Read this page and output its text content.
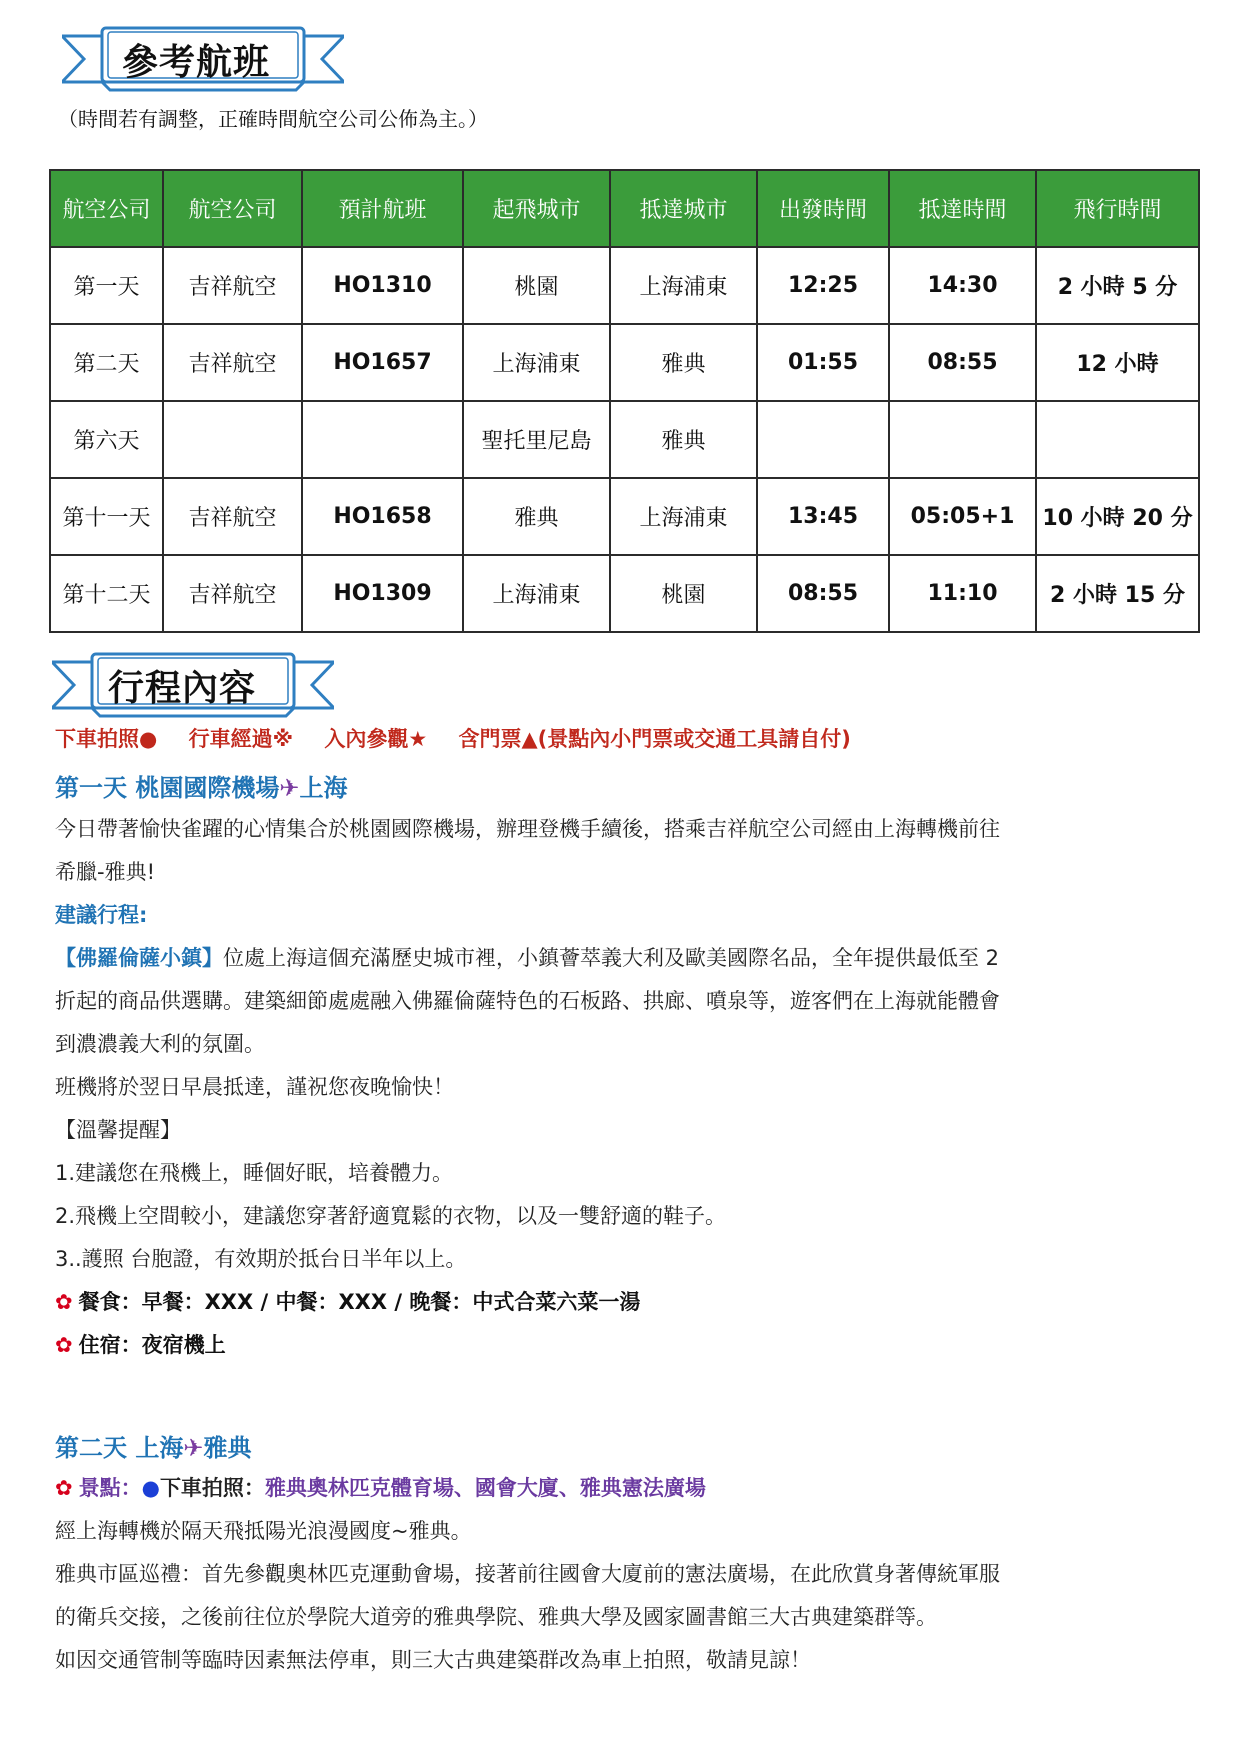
參考航班
（時間若有調整，正確時間航空公司公佈為主。）
航空公司	航空公司	預計航班	起飛城市	抵達城市	出發時間	抵達時間	飛行時間
第一天	吉祥航空	HO1310	桃園	上海浦東	12:25	14:30	2 小時 5 分
第二天	吉祥航空	HO1657	上海浦東	雅典	01:55	08:55	12 小時
第六天			聖托里尼島	雅典			
第十一天	吉祥航空	HO1658	雅典	上海浦東	13:45	05:05+1	10 小時 20 分
第十二天	吉祥航空	HO1309	上海浦東	桃園	08:55	11:10	2 小時 15 分
行程內容
下車拍照● 行車經過※ 入內參觀★ 含門票▲(景點內小門票或交通工具請自付)
第一天 桃園國際機場✈上海
今日帶著愉快雀躍的心情集合於桃園國際機場，辦理登機手續後，搭乘吉祥航空公司經由上海轉機前往
希臘-雅典!
建議行程:
【佛羅倫薩小鎮】位處上海這個充滿歷史城市裡，小鎮薈萃義大利及歐美國際名品，全年提供最低至 2
折起的商品供選購。建築細節處處融入佛羅倫薩特色的石板路、拱廊、噴泉等，遊客們在上海就能體會
到濃濃義大利的氛圍。
班機將於翌日早晨抵達，謹祝您夜晚愉快！
【溫馨提醒】
1.建議您在飛機上，睡個好眠，培養體力。
2.飛機上空間較小，建議您穿著舒適寬鬆的衣物，以及一雙舒適的鞋子。
3..護照 台胞證，有效期於抵台日半年以上。
✿ 餐食：早餐：XXX / 中餐：XXX / 晚餐：中式合菜六菜一湯
✿ 住宿：夜宿機上
第二天 上海✈雅典
✿ 景點：●下車拍照：雅典奧林匹克體育場、國會大廈、雅典憲法廣場
經上海轉機於隔天飛抵陽光浪漫國度~雅典。
雅典市區巡禮：首先參觀奧林匹克運動會場，接著前往國會大廈前的憲法廣場，在此欣賞身著傳統軍服
的衛兵交接，之後前往位於學院大道旁的雅典學院、雅典大學及國家圖書館三大古典建築群等。
如因交通管制等臨時因素無法停車，則三大古典建築群改為車上拍照，敬請見諒！
